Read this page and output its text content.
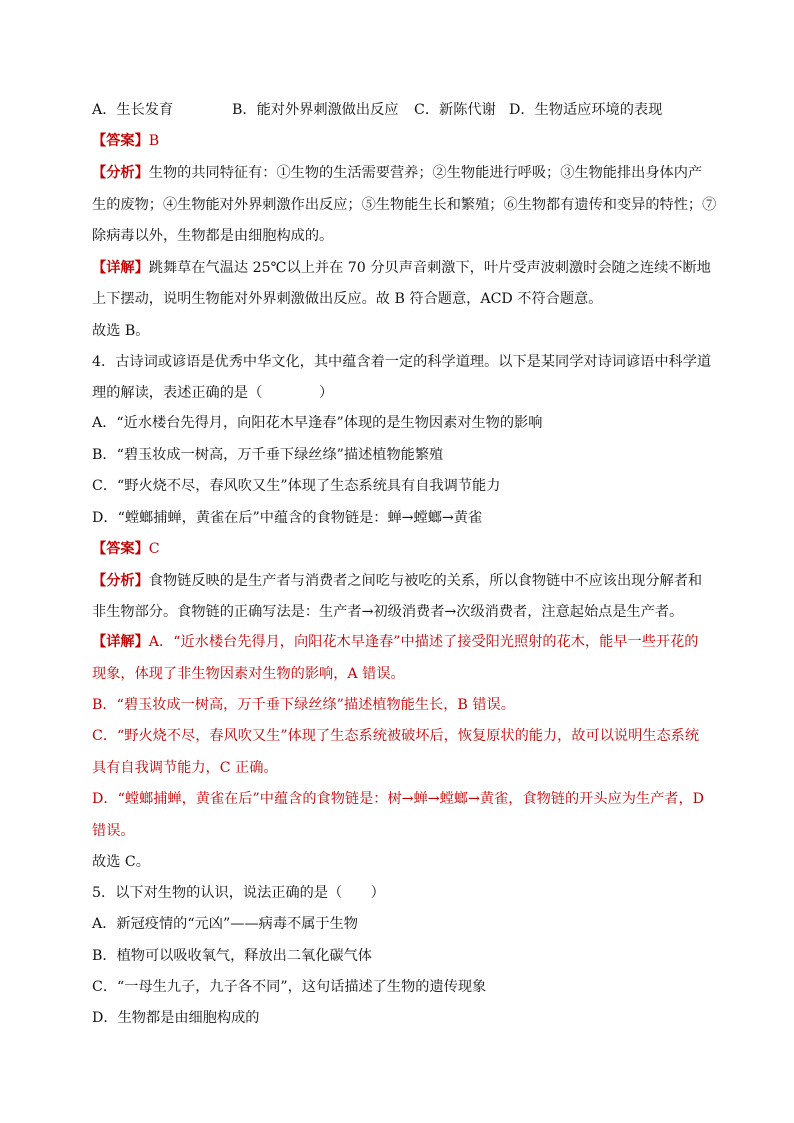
A．生长发育	B．能对外界刺激做出反应 C．新陈代谢 D．生物适应环境的表现
【答案】B
【分析】生物的共同特征有：①生物的生活需要营养；②生物能进行呼吸；③生物能排出身体内产
生的废物；④生物能对外界刺激作出反应；⑤生物能生长和繁殖；⑥生物都有遗传和变异的特性；⑦
除病毒以外，生物都是由细胞构成的。
【详解】跳舞草在气温达 25℃以上并在 70 分贝声音刺激下，叶片受声波刺激时会随之连续不断地
上下摆动，说明生物能对外界刺激做出反应。故 B 符合题意，ACD 不符合题意。
故选 B。
4．古诗词或谚语是优秀中华文化，其中蕴含着一定的科学道理。以下是某同学对诗词谚语中科学道
理的解读，表述正确的是（　　　　）
A．“近水楼台先得月，向阳花木早逢春”体现的是生物因素对生物的影响
B．“碧玉妆成一树高，万千垂下绿丝绦”描述植物能繁殖
C．“野火烧不尽，春风吹又生”体现了生态系统具有自我调节能力
D．“螳螂捕蝉，黄雀在后”中蕴含的食物链是：蝉→螳螂→黄雀
【答案】C
【分析】食物链反映的是生产者与消费者之间吃与被吃的关系，所以食物链中不应该出现分解者和
非生物部分。食物链的正确写法是：生产者→初级消费者→次级消费者，注意起始点是生产者。
【详解】A．“近水楼台先得月，向阳花木早逢春”中描述了接受阳光照射的花木，能早一些开花的
现象，体现了非生物因素对生物的影响，A 错误。
B．“碧玉妆成一树高，万千垂下绿丝绦”描述植物能生长，B 错误。
C．“野火烧不尽，春风吹又生”体现了生态系统被破坏后，恢复原状的能力，故可以说明生态系统
具有自我调节能力，C 正确。
D．“螳螂捕蝉，黄雀在后”中蕴含的食物链是：树→蝉→螳螂→黄雀，食物链的开头应为生产者，D
错误。
故选 C。
5．以下对生物的认识，说法正确的是（　　）
A．新冠疫情的“元凶”——病毒不属于生物
B．植物可以吸收氧气，释放出二氧化碳气体
C．“一母生九子，九子各不同”，这句话描述了生物的遗传现象
D．生物都是由细胞构成的
